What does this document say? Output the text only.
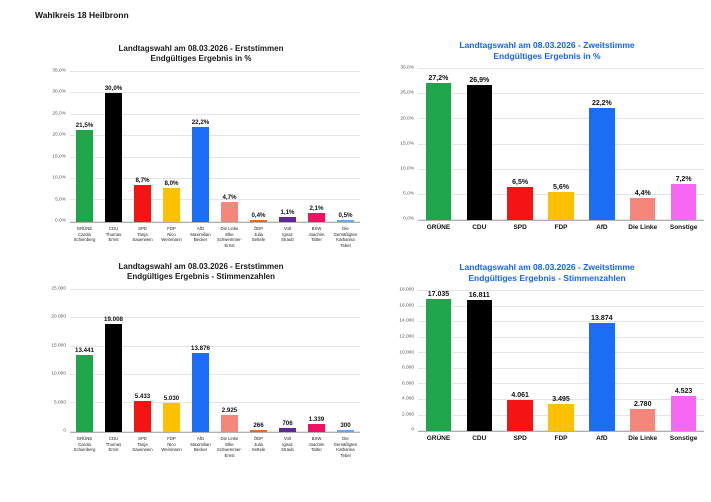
Wahlkreis 18 Heilbronn
Landtagswahl am 08.03.2026 - Erststimmen
Endgültiges Ergebnis in %
0,0%
5,0%
10,0%
15,0%
20,0%
25,0%
30,0%
35,0%
21,5%
30,0%
8,7% 8,0%
22,2%
4,7%
0,4% 1,1%
2,1%
0,5%
GRÜNE
Carola
Schienberg
CDU
Thomas
Ernst
SPD
Tanja
Sauerwein
FDP
Nico
Weinmann
AfD
Maximilian
Becker
Die Linke
Elke
Schwemmer-
Ernst
ÖDP
Julia
Settele
Volt
Ignaz
Straub
BSW
Joachim
Tatter
Die Gemäßigten
Katharina
Tebel
Landtagswahl am 08.03.2026 - Zweitstimme
Endgültiges Ergebnis in %
0,0%
5,0%
10,0%
15,0%
20,0%
25,0%
30,0%
27,2%	26,9%
6,5%
5,6%
22,2%
4,4%
7,2%
GRÜNE	CDU	SPD	FDP	AfD	Die Linke	Sonstige
Landtagswahl am 08.03.2026 - Erststimmen
Endgültiges Ergebnis - Stimmenzahlen
0
5.000
10.000
15.000
20.000
25.000
13.441
19.008
5.433 5.030
13.876
2.925
266	706
1.339
300
GRÜNE
Carola
Schienberg
CDU
Thomas
Ernst
SPD
Tanja
Sauerwein
FDP
Nico
Weinmann
AfD
Maximilian
Becker
Die Linke
Elke
Schwemmer-
Ernst
ÖDP
Julia
Settele
Volt
Ignaz
Straub
BSW
Joachim
Tatter
Die Gemäßigten
Katharina
Tebel
Landtagswahl am 08.03.2026 - Zweitstimme
Endgültiges Ergebnis - Stimmenzahlen
0
2.000
4.000
6.000
8.000
10.000
12.000
14.000
16.000
18.000
17.035	16.811
4.061
3.495
13.874
2.780
4.523
GRÜNE	CDU	SPD	FDP	AfD	Die Linke	Sonstige
